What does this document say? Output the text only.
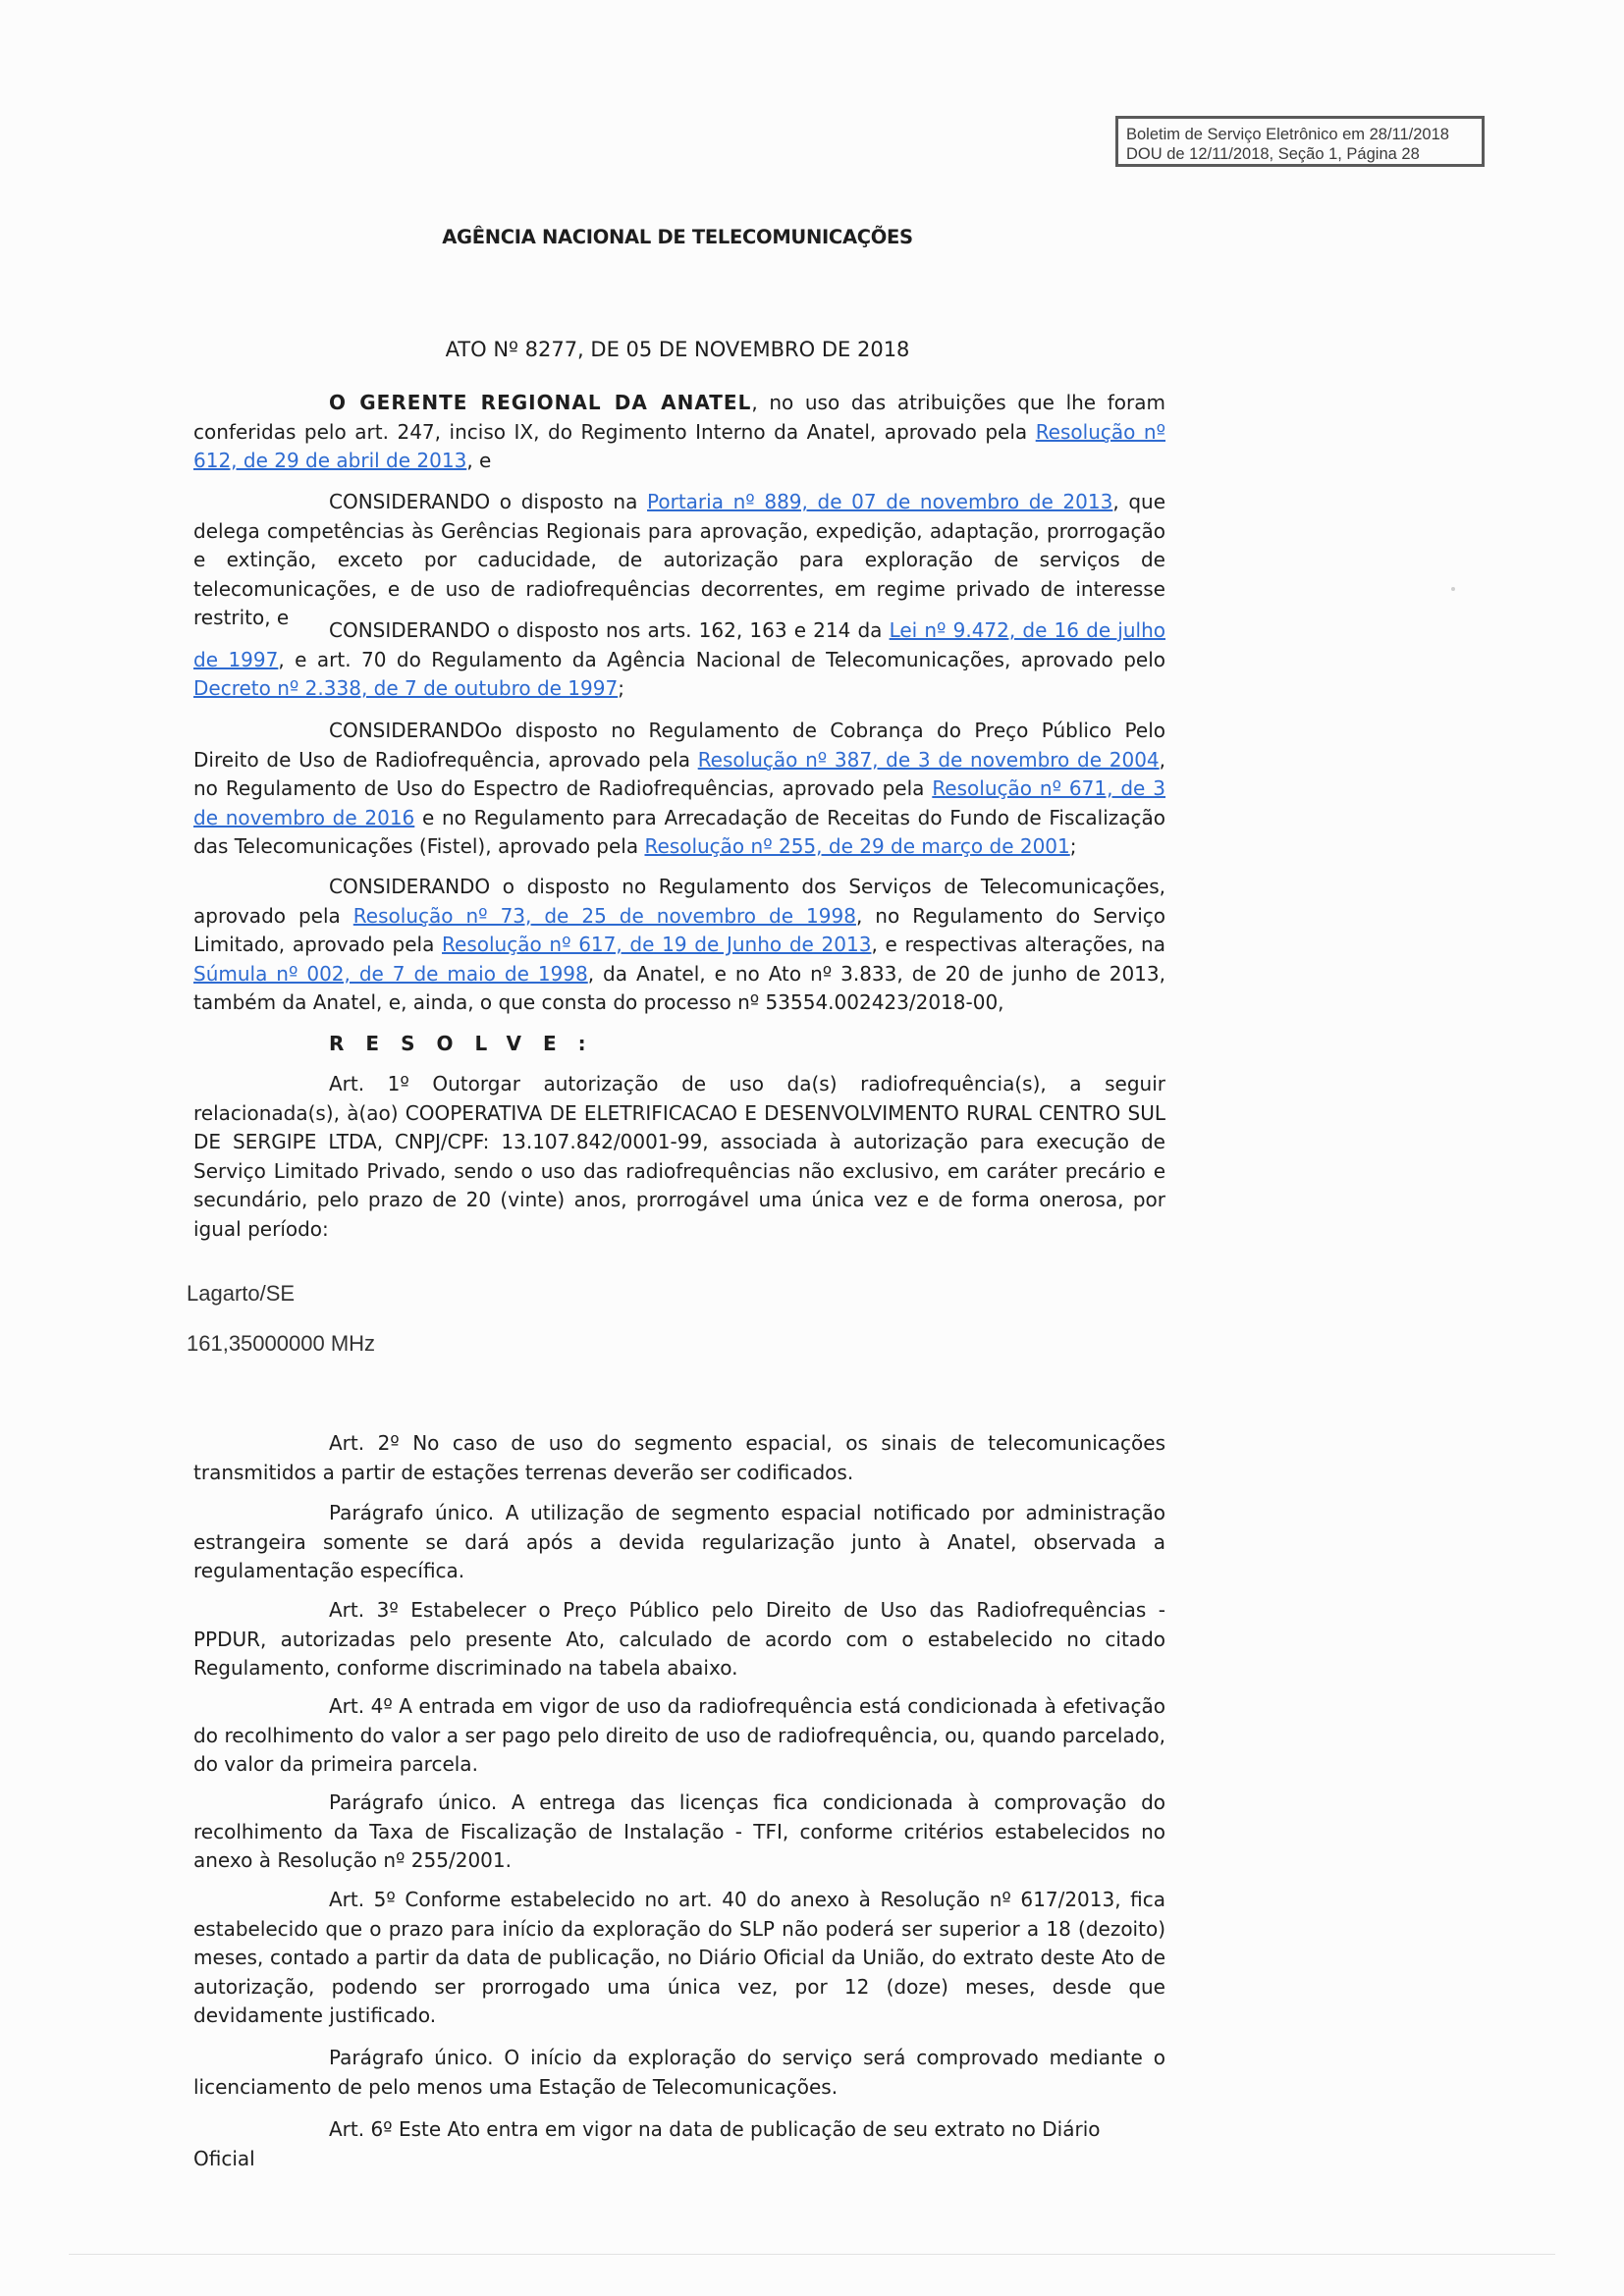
Boletim de Serviço Eletrônico em 28/11/2018
DOU de 12/11/2018, Seção 1, Página 28
AGÊNCIA NACIONAL DE TELECOMUNICAÇÕES
ATO Nº 8277, DE 05 DE NOVEMBRO DE 2018

O GERENTE REGIONAL DA ANATEL, no uso das atribuições que lhe foram conferidas pelo art. 247, inciso IX, do Regimento Interno da Anatel, aprovado pela Resolução nº 612, de 29 de abril de 2013, e

CONSIDERANDO o disposto na Portaria nº 889, de 07 de novembro de 2013, que delega competências às Gerências Regionais para aprovação, expedição, adaptação, prorrogação e extinção, exceto por caducidade, de autorização para exploração de serviços de telecomunicações, e de uso de radiofrequências decorrentes, em regime privado de interesse restrito, e

CONSIDERANDO o disposto nos arts. 162, 163 e 214 da Lei nº 9.472, de 16 de julho de 1997, e art. 70 do Regulamento da Agência Nacional de Telecomunicações, aprovado pelo Decreto nº 2.338, de 7 de outubro de 1997;

CONSIDERANDOo disposto no Regulamento de Cobrança do Preço Público Pelo Direito de Uso de Radiofrequência, aprovado pela Resolução nº 387, de 3 de novembro de 2004, no Regulamento de Uso do Espectro de Radiofrequências, aprovado pela Resolução nº 671, de 3 de novembro de 2016 e no Regulamento para Arrecadação de Receitas do Fundo de Fiscalização das Telecomunicações (Fistel), aprovado pela Resolução nº 255, de 29 de março de 2001;

CONSIDERANDO o disposto no Regulamento dos Serviços de Telecomunicações, aprovado pela Resolução nº 73, de 25 de novembro de 1998, no Regulamento do Serviço Limitado, aprovado pela Resolução nº 617, de 19 de Junho de 2013, e respectivas alterações, na Súmula nº 002, de 7 de maio de 1998, da Anatel, e no Ato nº 3.833, de 20 de junho de 2013, também da Anatel, e, ainda, o que consta do processo nº 53554.002423/2018-00,

RESOLVE:

Art. 1º Outorgar autorização de uso da(s) radiofrequência(s), a seguir relacionada(s), à(ao) COOPERATIVA DE ELETRIFICACAO E DESENVOLVIMENTO RURAL CENTRO SUL DE SERGIPE LTDA, CNPJ/CPF: 13.107.842/0001-99, associada à autorização para execução de Serviço Limitado Privado, sendo o uso das radiofrequências não exclusivo, em caráter precário e secundário, pelo prazo de 20 (vinte) anos, prorrogável uma única vez e de forma onerosa, por igual período:

Lagarto/SE
161,35000000 MHz

Art. 2º No caso de uso do segmento espacial, os sinais de telecomunicações transmitidos a partir de estações terrenas deverão ser codificados.

Parágrafo único. A utilização de segmento espacial notificado por administração estrangeira somente se dará após a devida regularização junto à Anatel, observada a regulamentação específica.

Art. 3º Estabelecer o Preço Público pelo Direito de Uso das Radiofrequências - PPDUR, autorizadas pelo presente Ato, calculado de acordo com o estabelecido no citado Regulamento, conforme discriminado na tabela abaixo.

Art. 4º A entrada em vigor de uso da radiofrequência está condicionada à efetivação do recolhimento do valor a ser pago pelo direito de uso de radiofrequência, ou, quando parcelado, do valor da primeira parcela.

Parágrafo único. A entrega das licenças fica condicionada à comprovação do recolhimento da Taxa de Fiscalização de Instalação - TFI, conforme critérios estabelecidos no anexo à Resolução nº 255/2001.

Art. 5º Conforme estabelecido no art. 40 do anexo à Resolução nº 617/2013, fica estabelecido que o prazo para início da exploração do SLP não poderá ser superior a 18 (dezoito) meses, contado a partir da data de publicação, no Diário Oficial da União, do extrato deste Ato de autorização, podendo ser prorrogado uma única vez, por 12 (doze) meses, desde que devidamente justificado.

Parágrafo único. O início da exploração do serviço será comprovado mediante o licenciamento de pelo menos uma Estação de Telecomunicações.

Art. 6º Este Ato entra em vigor na data de publicação de seu extrato no Diário Oficial
